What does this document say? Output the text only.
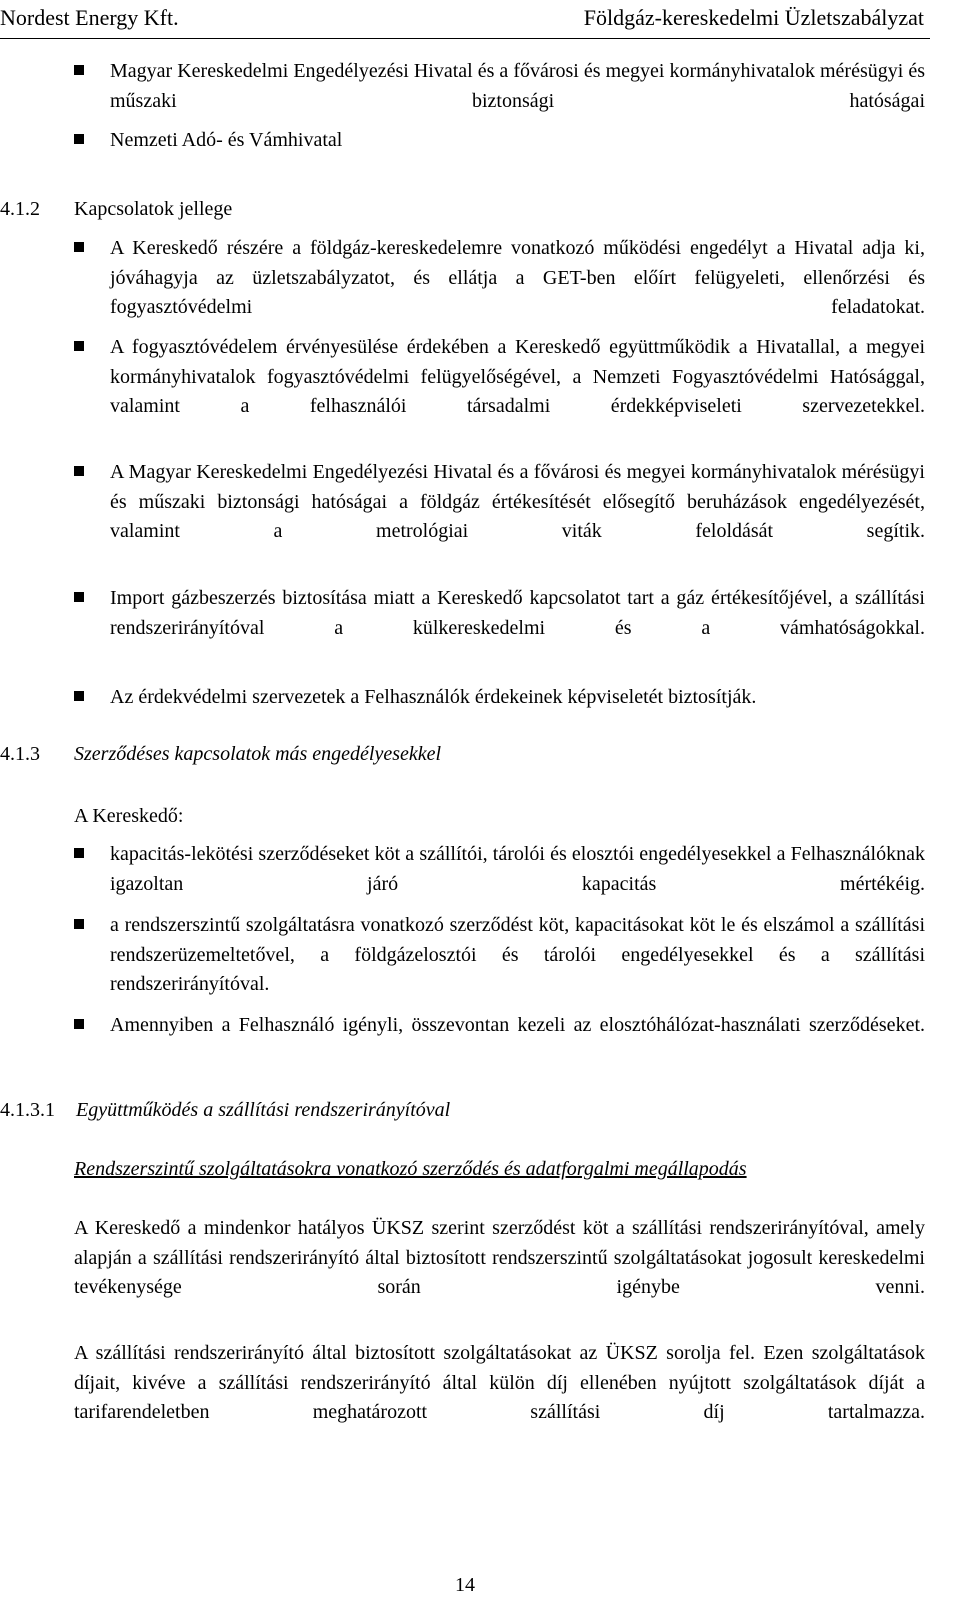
Nordest Energy Kft.	Földgáz-kereskedelmi Üzletszabályzat
Magyar Kereskedelmi Engedélyezési Hivatal és a fővárosi és megyei kormányhivatalok mérésügyi és műszaki biztonsági hatóságai
Nemzeti Adó- és Vámhivatal
4.1.2 Kapcsolatok jellege
A Kereskedő részére a földgáz-kereskedelemre vonatkozó működési engedélyt a Hivatal adja ki, jóváhagyja az üzletszabályzatot, és ellátja a GET-ben előírt felügyeleti, ellenőrzési és fogyasztóvédelmi feladatokat.
A fogyasztóvédelem érvényesülése érdekében a Kereskedő együttműködik a Hivatallal, a megyei kormányhivatalok fogyasztóvédelmi felügyelőségével, a Nemzeti Fogyasztóvédelmi Hatósággal, valamint a felhasználói társadalmi érdekképviseleti szervezetekkel.
A Magyar Kereskedelmi Engedélyezési Hivatal és a fővárosi és megyei kormányhivatalok mérésügyi és műszaki biztonsági hatóságai a földgáz értékesítését elősegítő beruházások engedélyezését, valamint a metrológiai viták feloldását segítik.
Import gázbeszerzés biztosítása miatt a Kereskedő kapcsolatot tart a gáz értékesítőjével, a szállítási rendszerirányítóval a külkereskedelmi és a vámhatóságokkal.
Az érdekvédelmi szervezetek a Felhasználók érdekeinek képviseletét biztosítják.
4.1.3 Szerződéses kapcsolatok más engedélyesekkel
A Kereskedő:
kapacitás-lekötési szerződéseket köt a szállítói, tárolói és elosztói engedélyesekkel a Felhasználóknak igazoltan járó kapacitás mértékéig.
a rendszerszintű szolgáltatásra vonatkozó szerződést köt, kapacitásokat köt le és elszámol a szállítási rendszerüzemeltetővel, a földgázelosztói és tárolói engedélyesekkel és a szállítási rendszerirányítóval.
Amennyiben a Felhasználó igényli, összevontan kezeli az elosztóhálózat-használati szerződéseket.
4.1.3.1 Együttműködés a szállítási rendszerirányítóval
Rendszerszintű szolgáltatásokra vonatkozó szerződés és adatforgalmi megállapodás
A Kereskedő a mindenkor hatályos ÜKSZ szerint szerződést köt a szállítási rendszerirányítóval, amely alapján a szállítási rendszerirányító által biztosított rendszerszintű szolgáltatásokat jogosult kereskedelmi tevékenysége során igénybe venni.
A szállítási rendszerirányító által biztosított szolgáltatásokat az ÜKSZ sorolja fel. Ezen szolgáltatások díjait, kivéve a szállítási rendszerirányító által külön díj ellenében nyújtott szolgáltatások díját a tarifarendeletben meghatározott szállítási díj tartalmazza.
14
